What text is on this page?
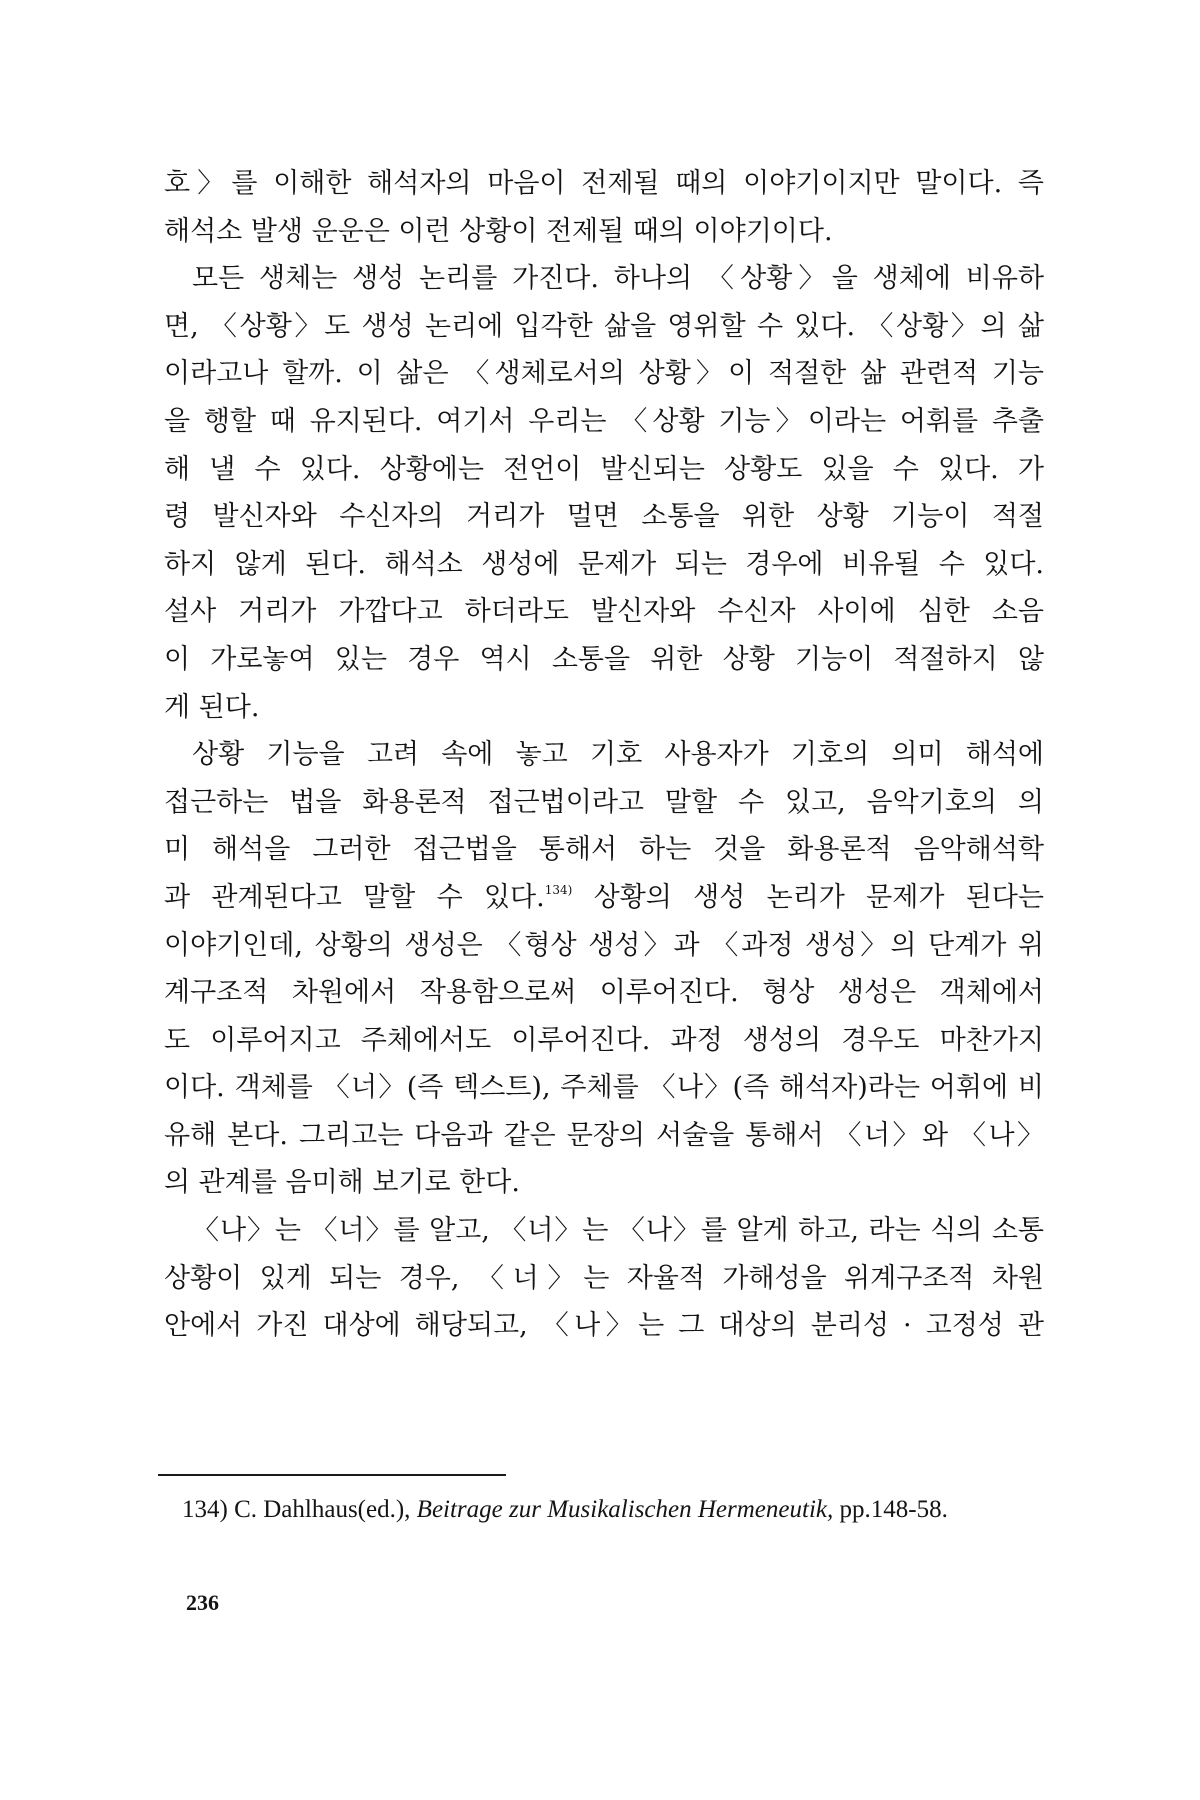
호〉를 이해한 해석자의 마음이 전제될 때의 이야기이지만 말이다. 즉
해석소 발생 운운은 이런 상황이 전제될 때의 이야기이다.
모든 생체는 생성 논리를 가진다. 하나의 〈상황〉을 생체에 비유하
면, 〈상황〉도 생성 논리에 입각한 삶을 영위할 수 있다. 〈상황〉의 삶
이라고나 할까. 이 삶은 〈생체로서의 상황〉이 적절한 삶 관련적 기능
을 행할 때 유지된다. 여기서 우리는 〈상황 기능〉이라는 어휘를 추출
해 낼 수 있다. 상황에는 전언이 발신되는 상황도 있을 수 있다. 가
령 발신자와 수신자의 거리가 멀면 소통을 위한 상황 기능이 적절
하지 않게 된다. 해석소 생성에 문제가 되는 경우에 비유될 수 있다.
설사 거리가 가깝다고 하더라도 발신자와 수신자 사이에 심한 소음
이 가로놓여 있는 경우 역시 소통을 위한 상황 기능이 적절하지 않
게 된다.
상황 기능을 고려 속에 놓고 기호 사용자가 기호의 의미 해석에
접근하는 법을 화용론적 접근법이라고 말할 수 있고, 음악기호의 의
미 해석을 그러한 접근법을 통해서 하는 것을 화용론적 음악해석학
과 관계된다고 말할 수 있다.$^{134)}$ 상황의 생성 논리가 문제가 된다는
이야기인데, 상황의 생성은 〈형상 생성〉과 〈과정 생성〉의 단계가 위
계구조적 차원에서 작용함으로써 이루어진다. 형상 생성은 객체에서
도 이루어지고 주체에서도 이루어진다. 과정 생성의 경우도 마찬가지
이다. 객체를 〈너〉(즉 텍스트), 주체를 〈나〉(즉 해석자)라는 어휘에 비
유해 본다. 그리고는 다음과 같은 문장의 서술을 통해서 〈너〉와 〈나〉
의 관계를 음미해 보기로 한다.
〈나〉는 〈너〉를 알고, 〈너〉는 〈나〉를 알게 하고, 라는 식의 소통
상황이 있게 되는 경우, 〈너〉는 자율적 가해성을 위계구조적 차원
안에서 가진 대상에 해당되고, 〈나〉는 그 대상의 분리성 · 고정성 관
134) C. Dahlhaus(ed.), Beitrage zur Musikalischen Hermeneutik, pp.148-58.
236
